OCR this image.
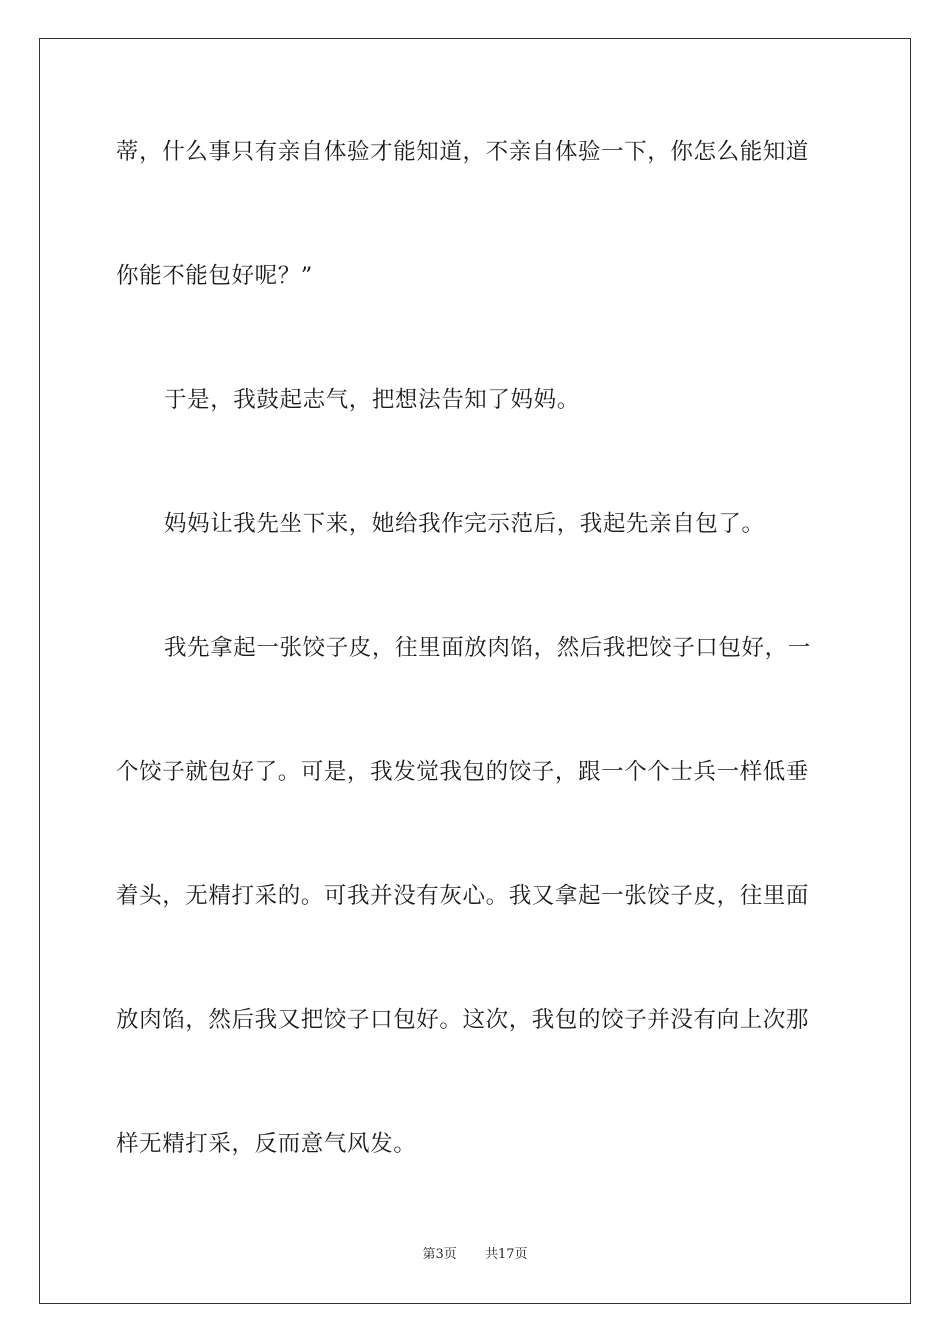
蒂，什么事只有亲自体验才能知道，不亲自体验一下，你怎么能知道
你能不能包好呢？”
于是，我鼓起志气，把想法告知了妈妈。
妈妈让我先坐下来，她给我作完示范后，我起先亲自包了。
我先拿起一张饺子皮，往里面放肉馅，然后我把饺子口包好，一
个饺子就包好了。可是，我发觉我包的饺子，跟一个个士兵一样低垂
着头，无精打采的。可我并没有灰心。我又拿起一张饺子皮，往里面
放肉馅，然后我又把饺子口包好。这次，我包的饺子并没有向上次那
样无精打采，反而意气风发。
第3页 共17页
